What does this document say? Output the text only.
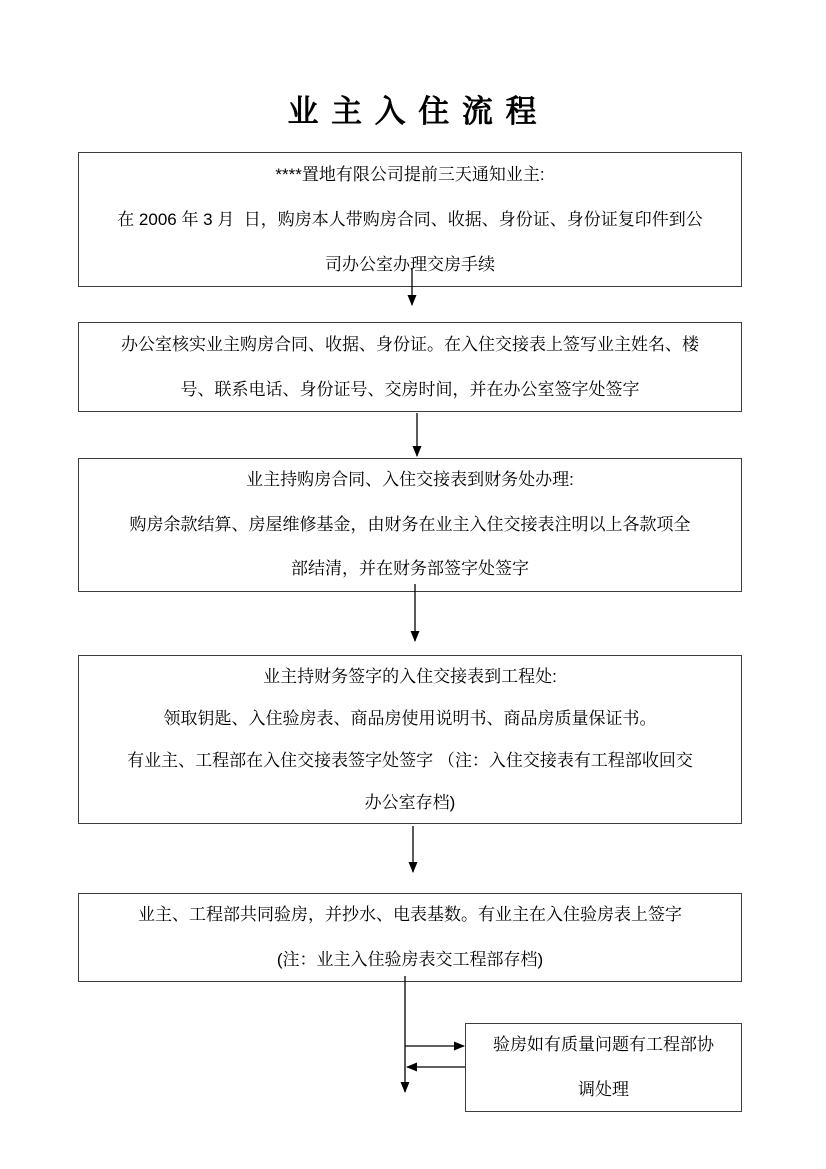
业 主 入 住 流 程
****置地有限公司提前三天通知业主:
在 2006 年 3 月  日，购房本人带购房合同、收据、身份证、身份证复印件到公
司办公室办理交房手续
办公室核实业主购房合同、收据、身份证。在入住交接表上签写业主姓名、楼
号、联系电话、身份证号、交房时间，并在办公室签字处签字
业主持购房合同、入住交接表到财务处办理:
购房余款结算、房屋维修基金，由财务在业主入住交接表注明以上各款项全
部结清，并在财务部签字处签字
业主持财务签字的入住交接表到工程处:
领取钥匙、入住验房表、商品房使用说明书、商品房质量保证书。
有业主、工程部在入住交接表签字处签字 （注：入住交接表有工程部收回交
办公室存档)
业主、工程部共同验房，并抄水、电表基数。有业主在入住验房表上签字
(注：业主入住验房表交工程部存档)
验房如有质量问题有工程部协
调处理
